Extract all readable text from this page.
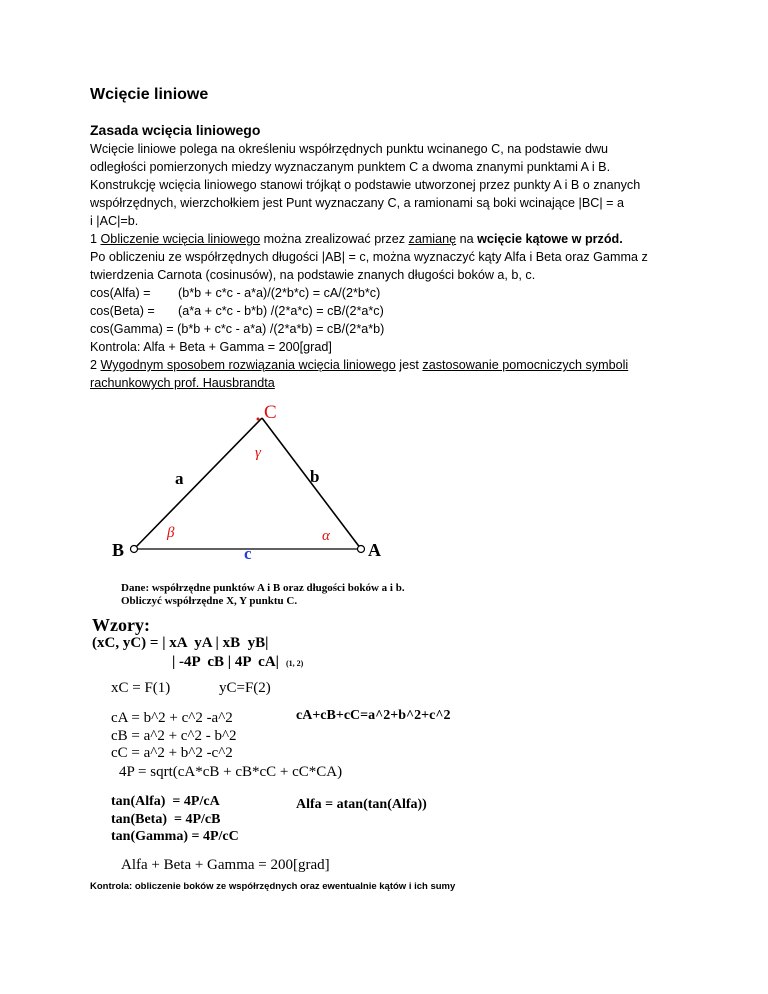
Wcięcie liniowe
Zasada wcięcia liniowego

Wcięcie liniowe polega na określeniu współrzędnych punktu wcinanego C, na podstawie dwu

odległości pomierzonych miedzy wyznaczanym punktem C a dwoma znanymi punktami A i B.

Konstrukcję wcięcia liniowego stanowi trójkąt o podstawie utworzonej przez punkty A i B o znanych

współrzędnych, wierzchołkiem jest Punt wyznaczany C, a ramionami są boki wcinające |BC| = a

i |AC|=b.

1 Obliczenie wcięcia liniowego można zrealizować przez zamianę na wcięcie kątowe w przód.

Po obliczeniu ze współrzędnych długości |AB| = c, można wyznaczyć kąty Alfa i Beta oraz Gamma z

twierdzenia Carnota (cosinusów), na podstawie znanych długości boków a, b, c.

cos(Alfa) = (b*b + c*c - a*a)/(2*b*c) = cA/(2*b*c)

cos(Beta) = (a*a + c*c - b*b) /(2*a*c) = cB/(2*a*c)

cos(Gamma) = (b*b + c*c - a*a) /(2*a*b) = cB/(2*a*b)

Kontrola: Alfa + Beta + Gamma = 200[grad]

2 Wygodnym sposobem rozwiązania wcięcia liniowego jest zastosowanie pomocniczych symboli

rachunkowych prof. Hausbrandta

C
γ
a	b
β	α
B	A
c
Dane: współrzędne punktów A i B oraz długości boków a i b.
Obliczyć współrzędne X, Y punktu C.
Wzory:
(xC, yC) = | xA  yA | xB  yB|
| -4P  cB | 4P  cA| (1, 2)
xC = F(1)	yC=F(2)
cA = b^2 + c^2 -a^2
cB = a^2 + c^2 - b^2
cC = a^2 + b^2 -c^2
cA+cB+cC=a^2+b^2+c^2
4P = sqrt(cA*cB + cB*cC + cC*CA)
tan(Alfa)  = 4P/cA
tan(Beta)  = 4P/cB
tan(Gamma) = 4P/cC
Alfa = atan(tan(Alfa))
Alfa + Beta + Gamma = 200[grad]

Kontrola: obliczenie boków ze współrzędnych oraz ewentualnie kątów i ich sumy
